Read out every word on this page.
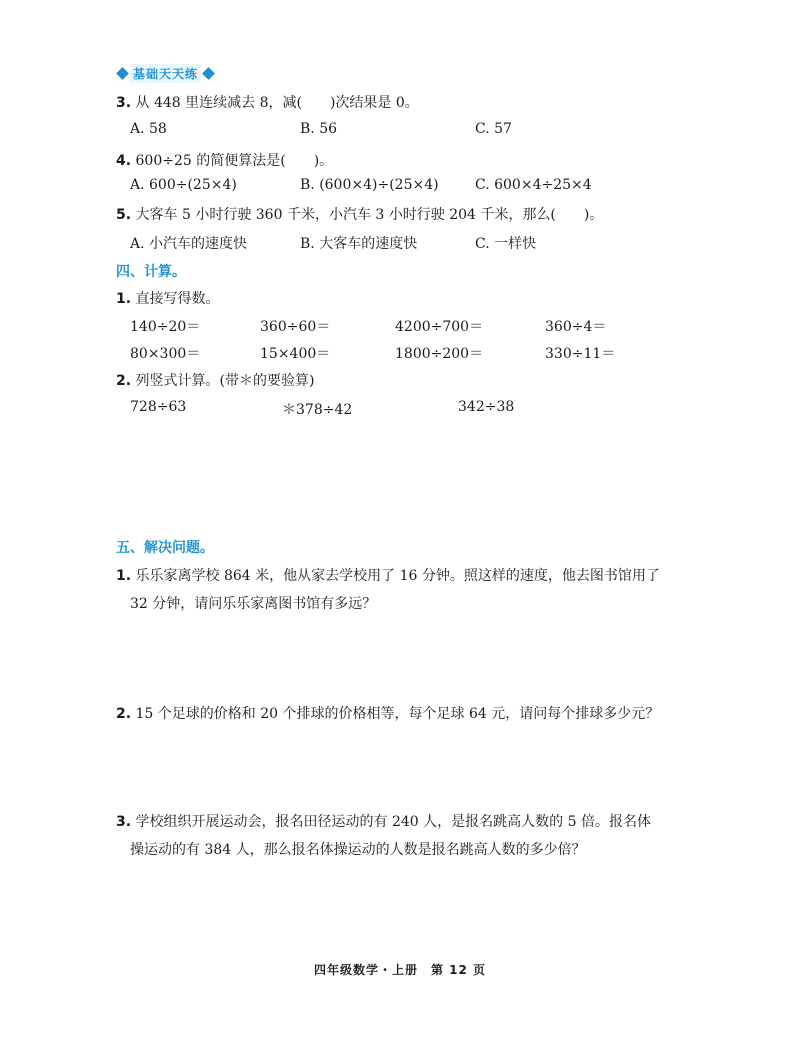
基础天天练
3. 从 448 里连续减去 8，减(　　)次结果是 0。
A. 58	B. 56	C. 57
4. 600÷25 的简便算法是(　　)。
A. 600÷(25×4)	B. (600×4)÷(25×4)	C. 600×4÷25×4
5. 大客车 5 小时行驶 360 千米，小汽车 3 小时行驶 204 千米，那么(　　)。
A. 小汽车的速度快	B. 大客车的速度快	C. 一样快
四、计算。
1. 直接写得数。
140÷20＝	360÷60＝	4200÷700＝	360÷4＝
80×300＝	15×400＝	1800÷200＝	330÷11＝
2. 列竖式计算。(带＊的要验算)
728÷63	＊378÷42	342÷38
五、解决问题。
1. 乐乐家离学校 864 米，他从家去学校用了 16 分钟。照这样的速度，他去图书馆用了
32 分钟，请问乐乐家离图书馆有多远？
2. 15 个足球的价格和 20 个排球的价格相等，每个足球 64 元，请问每个排球多少元？
3. 学校组织开展运动会，报名田径运动的有 240 人，是报名跳高人数的 5 倍。报名体
操运动的有 384 人，那么报名体操运动的人数是报名跳高人数的多少倍？
四年级数学・上册　第 12 页
